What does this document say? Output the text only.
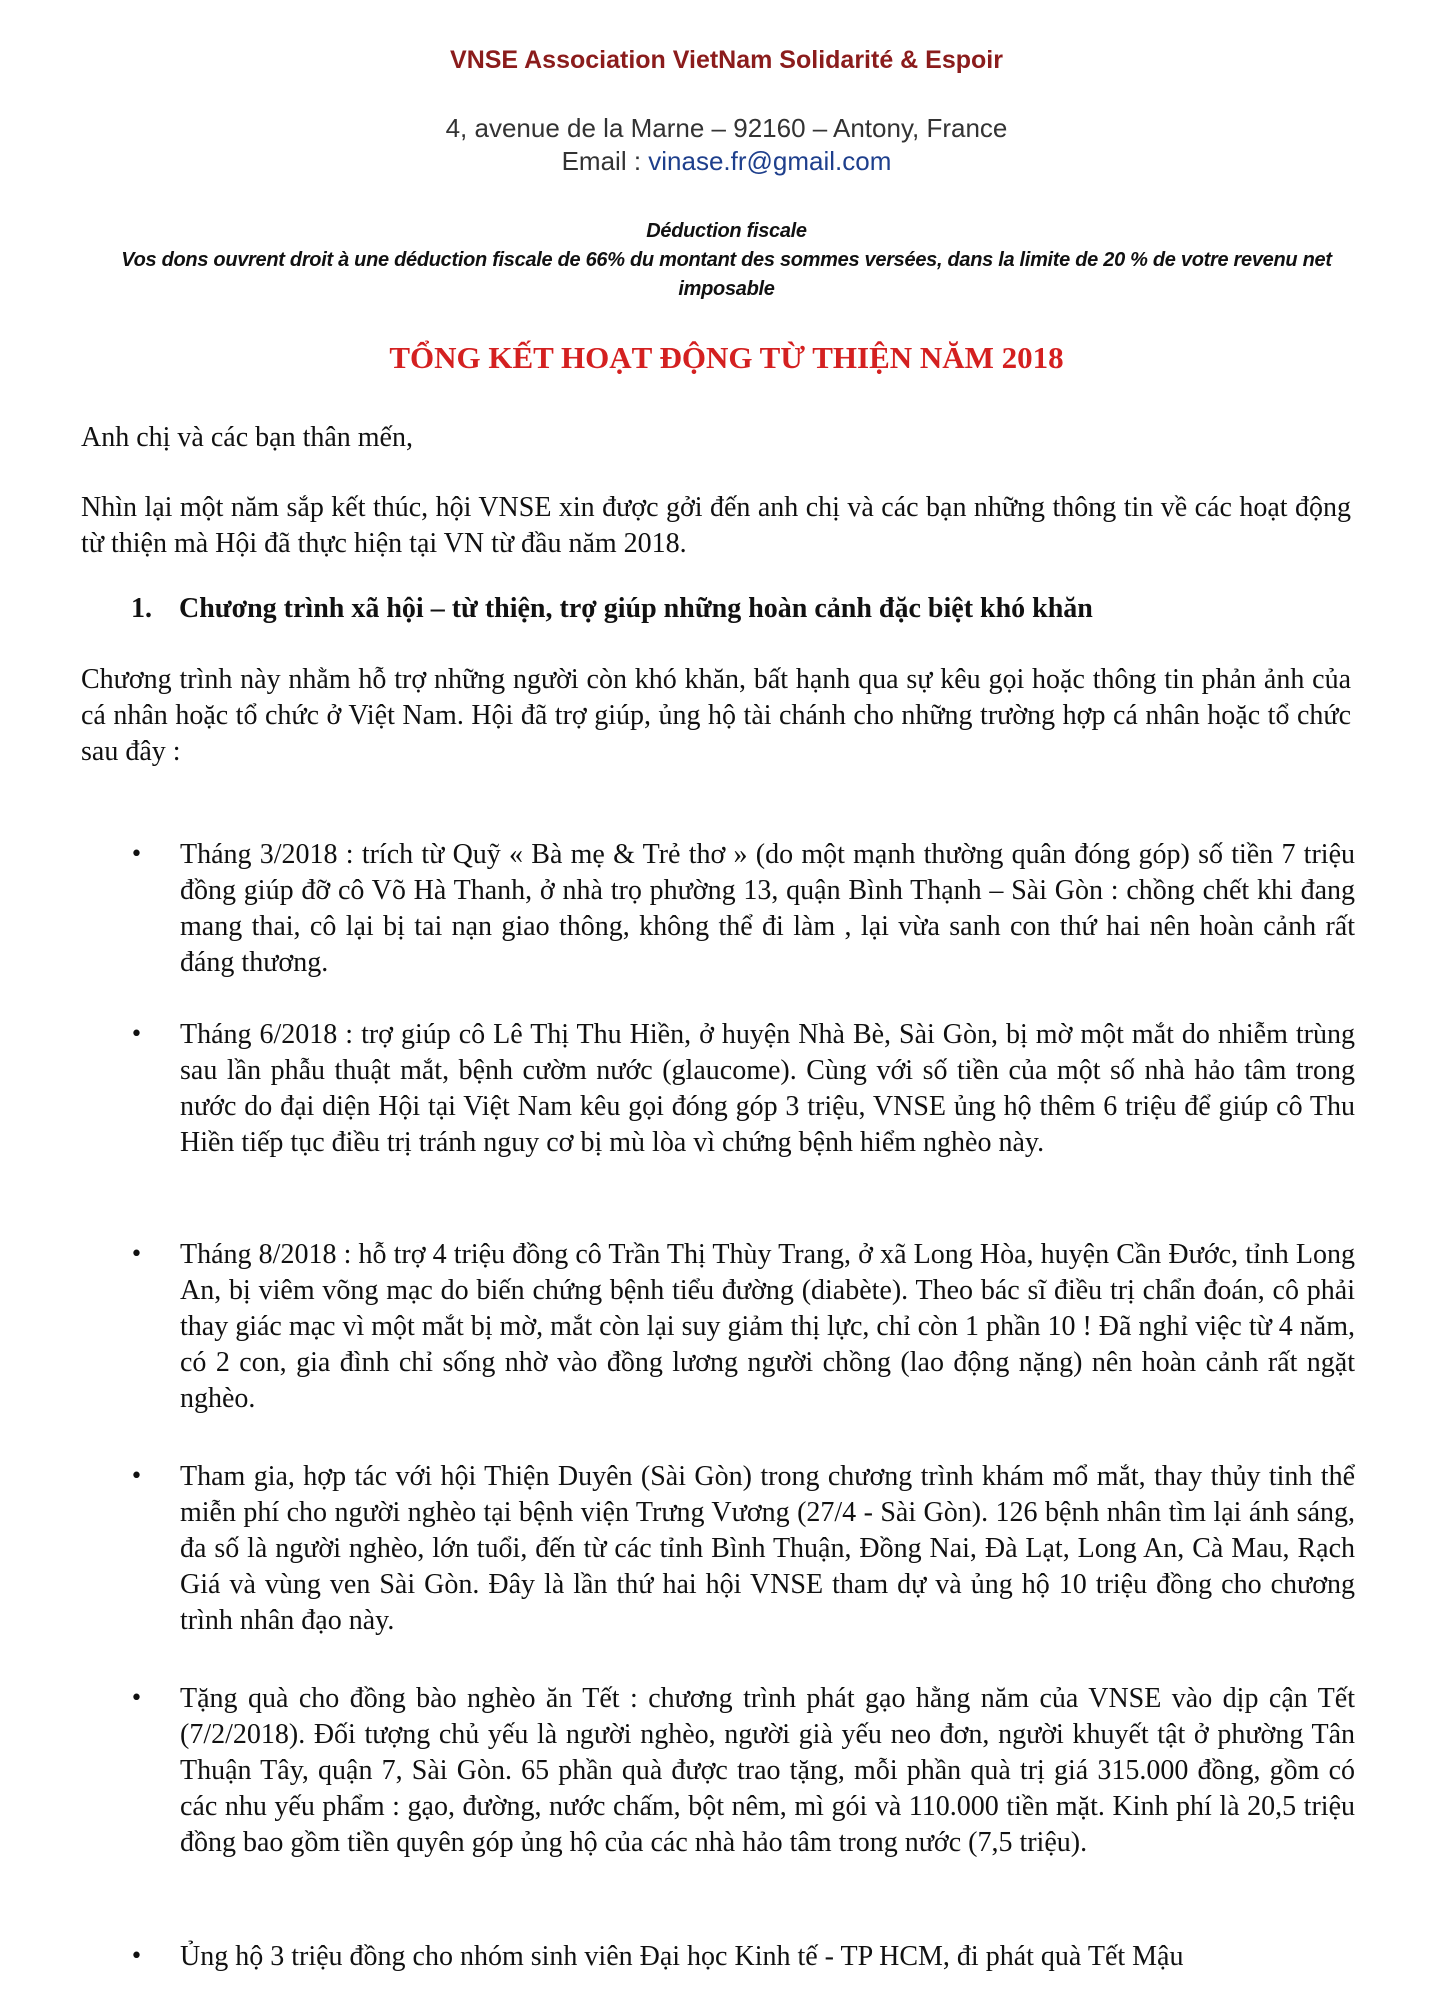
VNSE Association VietNam Solidarité & Espoir
4, avenue de la Marne – 92160 – Antony, France
Email : vinase.fr@gmail.com
Déduction fiscale
Vos dons ouvrent droit à une déduction fiscale de 66% du montant des sommes versées, dans la limite de 20 % de votre revenu net imposable
TỔNG KẾT HOẠT ĐỘNG TỪ THIỆN NĂM 2018
Anh chị và các bạn thân mến,
Nhìn lại một năm sắp kết thúc, hội VNSE xin được gởi đến anh chị và các bạn những thông tin về các hoạt động từ thiện mà Hội đã thực hiện tại VN từ đầu năm 2018.
1. Chương trình xã hội – từ thiện, trợ giúp những hoàn cảnh đặc biệt khó khăn
Chương trình này nhằm hỗ trợ những người còn khó khăn, bất hạnh qua sự kêu gọi hoặc thông tin phản ảnh của cá nhân hoặc tổ chức ở Việt Nam. Hội đã trợ giúp, ủng hộ tài chánh cho những trường hợp cá nhân hoặc tổ chức sau đây :
• Tháng 3/2018 : trích từ Quỹ « Bà mẹ & Trẻ thơ » (do một mạnh thường quân đóng góp) số tiền 7 triệu đồng giúp đỡ cô Võ Hà Thanh, ở nhà trọ phường 13, quận Bình Thạnh – Sài Gòn : chồng chết khi đang mang thai, cô lại bị tai nạn giao thông, không thể đi làm , lại vừa sanh con thứ hai nên hoàn cảnh rất đáng thương.
• Tháng 6/2018 : trợ giúp cô Lê Thị Thu Hiền, ở huyện Nhà Bè, Sài Gòn, bị mờ một mắt do nhiễm trùng sau lần phẫu thuật mắt, bệnh cườm nước (glaucome). Cùng với số tiền của một số nhà hảo tâm trong nước do đại diện Hội tại Việt Nam kêu gọi đóng góp 3 triệu, VNSE ủng hộ thêm 6 triệu để giúp cô Thu Hiền tiếp tục điều trị tránh nguy cơ bị mù lòa vì chứng bệnh hiểm nghèo này.
• Tháng 8/2018 : hỗ trợ 4 triệu đồng cô Trần Thị Thùy Trang, ở xã Long Hòa, huyện Cần Đước, tỉnh Long An, bị viêm võng mạc do biến chứng bệnh tiểu đường (diabète). Theo bác sĩ điều trị chẩn đoán, cô phải thay giác mạc vì một mắt bị mờ, mắt còn lại suy giảm thị lực, chỉ còn 1 phần 10 ! Đã nghỉ việc từ 4 năm, có 2 con, gia đình chỉ sống nhờ vào đồng lương người chồng (lao động nặng) nên hoàn cảnh rất ngặt nghèo.
• Tham gia, hợp tác với hội Thiện Duyên (Sài Gòn) trong chương trình khám mổ mắt, thay thủy tinh thể miễn phí cho người nghèo tại bệnh viện Trưng Vương (27/4 - Sài Gòn). 126 bệnh nhân tìm lại ánh sáng, đa số là người nghèo, lớn tuổi, đến từ các tỉnh Bình Thuận, Đồng Nai, Đà Lạt, Long An, Cà Mau, Rạch Giá và vùng ven Sài Gòn. Đây là lần thứ hai hội VNSE tham dự và ủng hộ 10 triệu đồng cho chương trình nhân đạo này.
• Tặng quà cho đồng bào nghèo ăn Tết : chương trình phát gạo hằng năm của VNSE vào dịp cận Tết (7/2/2018). Đối tượng chủ yếu là người nghèo, người già yếu neo đơn, người khuyết tật ở phường Tân Thuận Tây, quận 7, Sài Gòn. 65 phần quà được trao tặng, mỗi phần quà trị giá 315.000 đồng, gồm có các nhu yếu phẩm : gạo, đường, nước chấm, bột nêm, mì gói và 110.000 tiền mặt. Kinh phí là 20,5 triệu đồng bao gồm tiền quyên góp ủng hộ của các nhà hảo tâm trong nước (7,5 triệu).
• Ủng hộ 3 triệu đồng cho nhóm sinh viên Đại học Kinh tế - TP HCM, đi phát quà Tết Mậu
